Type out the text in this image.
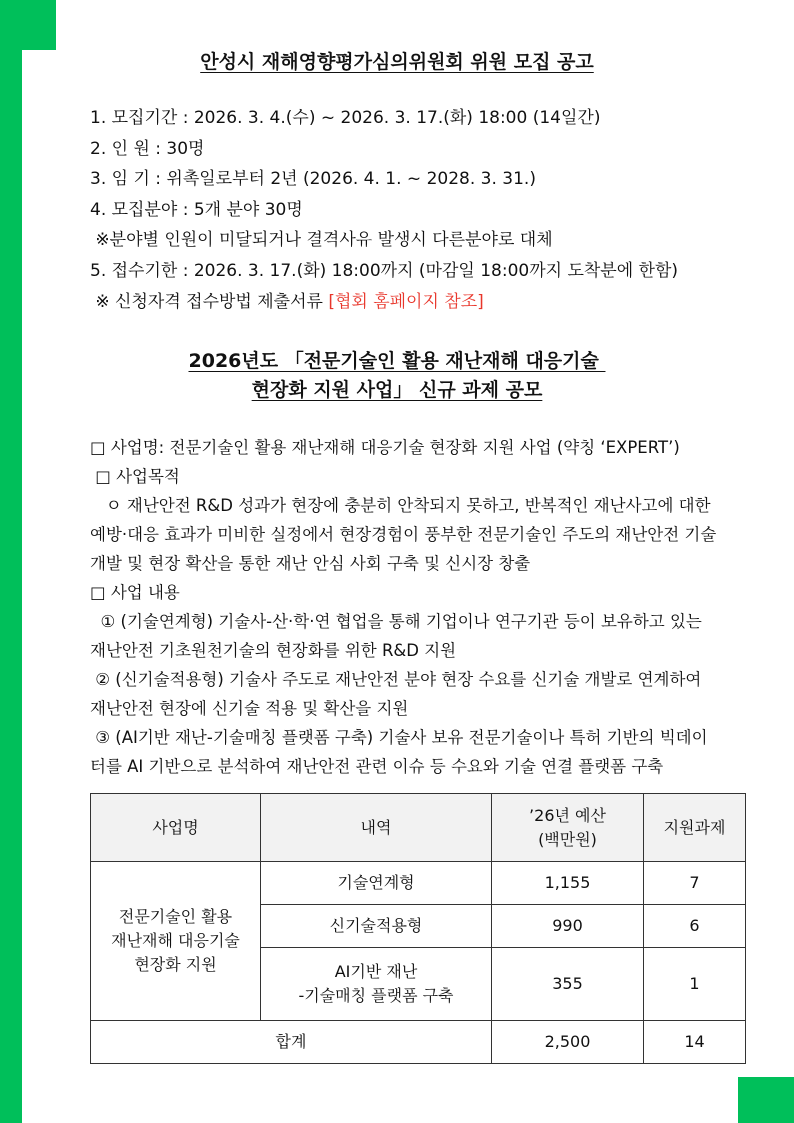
안성시 재해영향평가심의위원회 위원 모집 공고
1. 모집기간 : 2026. 3. 4.(수) ~ 2026. 3. 17.(화) 18:00 (14일간)
2. 인 원 : 30명
3. 임 기 : 위촉일로부터 2년 (2026. 4. 1. ~ 2028. 3. 31.)
4. 모집분야 : 5개 분야 30명
※분야별 인원이 미달되거나 결격사유 발생시 다른분야로 대체
5. 접수기한 : 2026. 3. 17.(화) 18:00까지 (마감일 18:00까지 도착분에 한함)
※ 신청자격 접수방법 제출서류 [협회 홈페이지 참조]
2026년도 「전문기술인 활용 재난재해 대응기술
현장화 지원 사업」 신규 과제 공모
□ 사업명: 전문기술인 활용 재난재해 대응기술 현장화 지원 사업 (약칭 ‘EXPERT’)
□ 사업목적
ㅇ 재난안전 R&D 성과가 현장에 충분히 안착되지 못하고, 반복적인 재난사고에 대한
예방·대응 효과가 미비한 실정에서 현장경험이 풍부한 전문기술인 주도의 재난안전 기술
개발 및 현장 확산을 통한 재난 안심 사회 구축 및 신시장 창출
□ 사업 내용
① (기술연계형) 기술사-산·학·연 협업을 통해 기업이나 연구기관 등이 보유하고 있는
재난안전 기초원천기술의 현장화를 위한 R&D 지원
② (신기술적용형) 기술사 주도로 재난안전 분야 현장 수요를 신기술 개발로 연계하여
재난안전 현장에 신기술 적용 및 확산을 지원
③ (AI기반 재난-기술매칭 플랫폼 구축) 기술사 보유 전문기술이나 특허 기반의 빅데이
터를 AI 기반으로 분석하여 재난안전 관련 이슈 등 수요와 기술 연결 플랫폼 구축
사업명	내역	’26년 예산
(백만원)	지원과제

전문기술인 활용
재난재해 대응기술
현장화 지원	기술연계형	1,155	7
	신기술적용형	990	6

	AI기반 재난
-기술매칭 플랫폼 구축	355	1
합계		2,500	14
